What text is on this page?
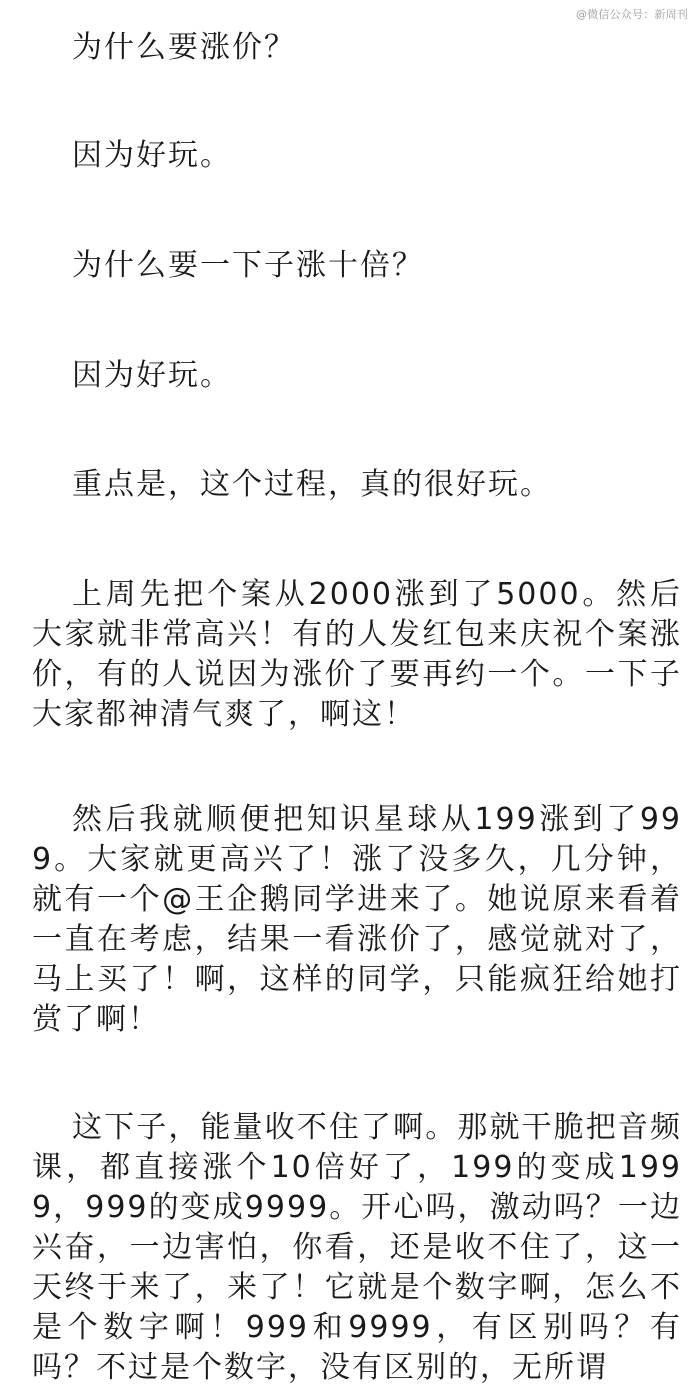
@微信公众号：新周刊

为什么要涨价？

因为好玩。

为什么要一下子涨十倍？

因为好玩。

重点是，这个过程，真的很好玩。

上周先把个案从2000涨到了5000。然后大家就非常高兴！有的人发红包来庆祝个案涨价，有的人说因为涨价了要再约一个。一下子大家都神清气爽了，啊这！

然后我就顺便把知识星球从199涨到了999。大家就更高兴了！涨了没多久，几分钟，就有一个@王企鹅同学进来了。她说原来看着一直在考虑，结果一看涨价了，感觉就对了，马上买了！啊，这样的同学，只能疯狂给她打赏了啊！

这下子，能量收不住了啊。那就干脆把音频课，都直接涨个10倍好了，199的变成1999，999的变成9999。开心吗，激动吗？一边兴奋，一边害怕，你看，还是收不住了，这一天终于来了，来了！它就是个数字啊，怎么不是个数字啊！999和9999，有区别吗？有吗？不过是个数字，没有区别的，无所谓
